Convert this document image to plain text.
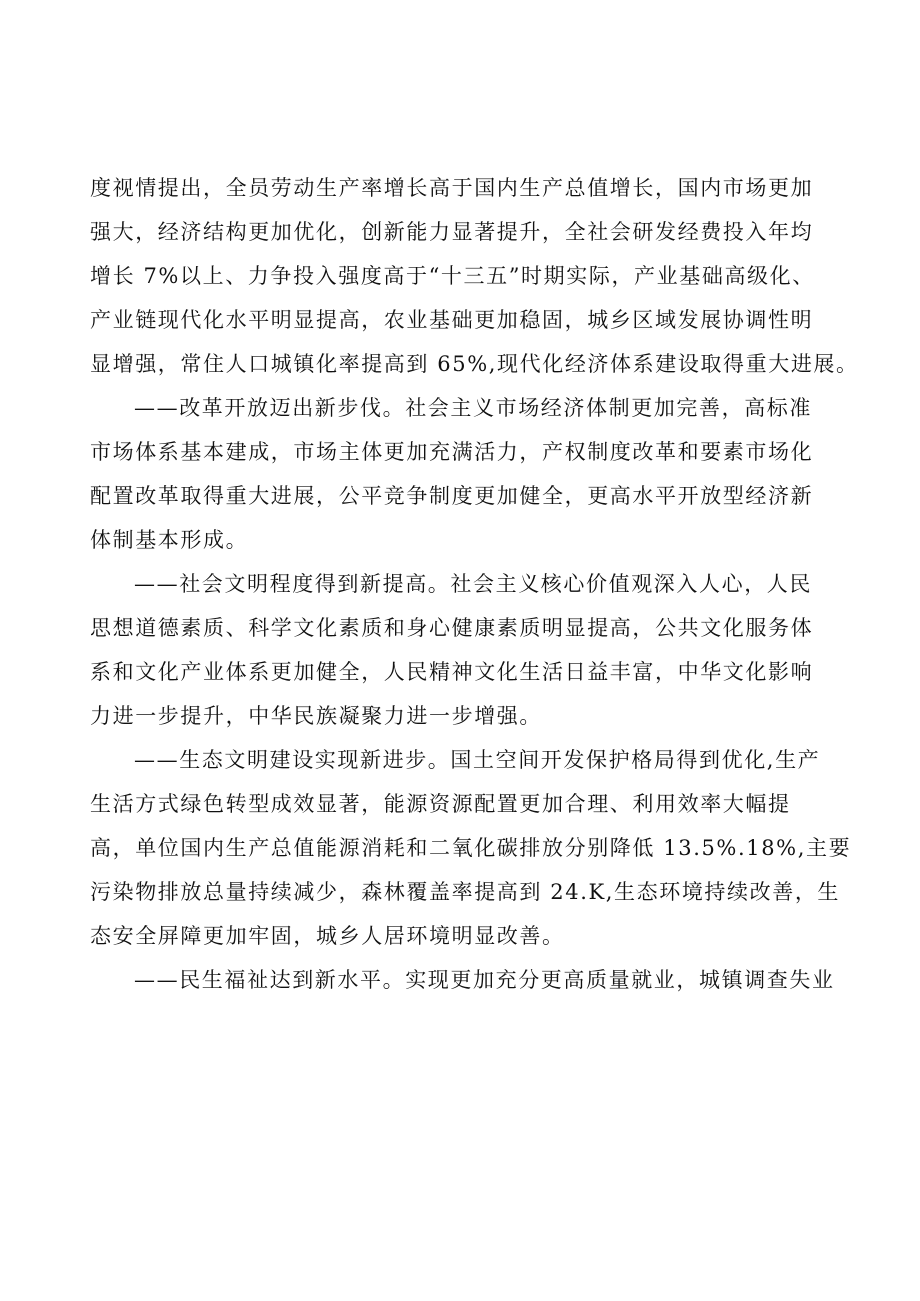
度视情提出，全员劳动生产率增长高于国内生产总值增长，国内市场更加
强大，经济结构更加优化，创新能力显著提升，全社会研发经费投入年均
增长 7%以上、力争投入强度高于“十三五”时期实际，产业基础高级化、
产业链现代化水平明显提高，农业基础更加稳固，城乡区域发展协调性明
显增强，常住人口城镇化率提高到 65%,现代化经济体系建设取得重大进展。
——改革开放迈出新步伐。社会主义市场经济体制更加完善，高标准
市场体系基本建成，市场主体更加充满活力，产权制度改革和要素市场化
配置改革取得重大进展，公平竞争制度更加健全，更高水平开放型经济新
体制基本形成。
——社会文明程度得到新提高。社会主义核心价值观深入人心，人民
思想道德素质、科学文化素质和身心健康素质明显提高，公共文化服务体
系和文化产业体系更加健全，人民精神文化生活日益丰富，中华文化影响
力进一步提升，中华民族凝聚力进一步增强。
——生态文明建设实现新进步。国土空间开发保护格局得到优化,生产
生活方式绿色转型成效显著，能源资源配置更加合理、利用效率大幅提
高，单位国内生产总值能源消耗和二氧化碳排放分别降低 13.5%.18%,主要
污染物排放总量持续减少，森林覆盖率提高到 24.K,生态环境持续改善，生
态安全屏障更加牢固，城乡人居环境明显改善。
——民生福祉达到新水平。实现更加充分更高质量就业，城镇调查失业
